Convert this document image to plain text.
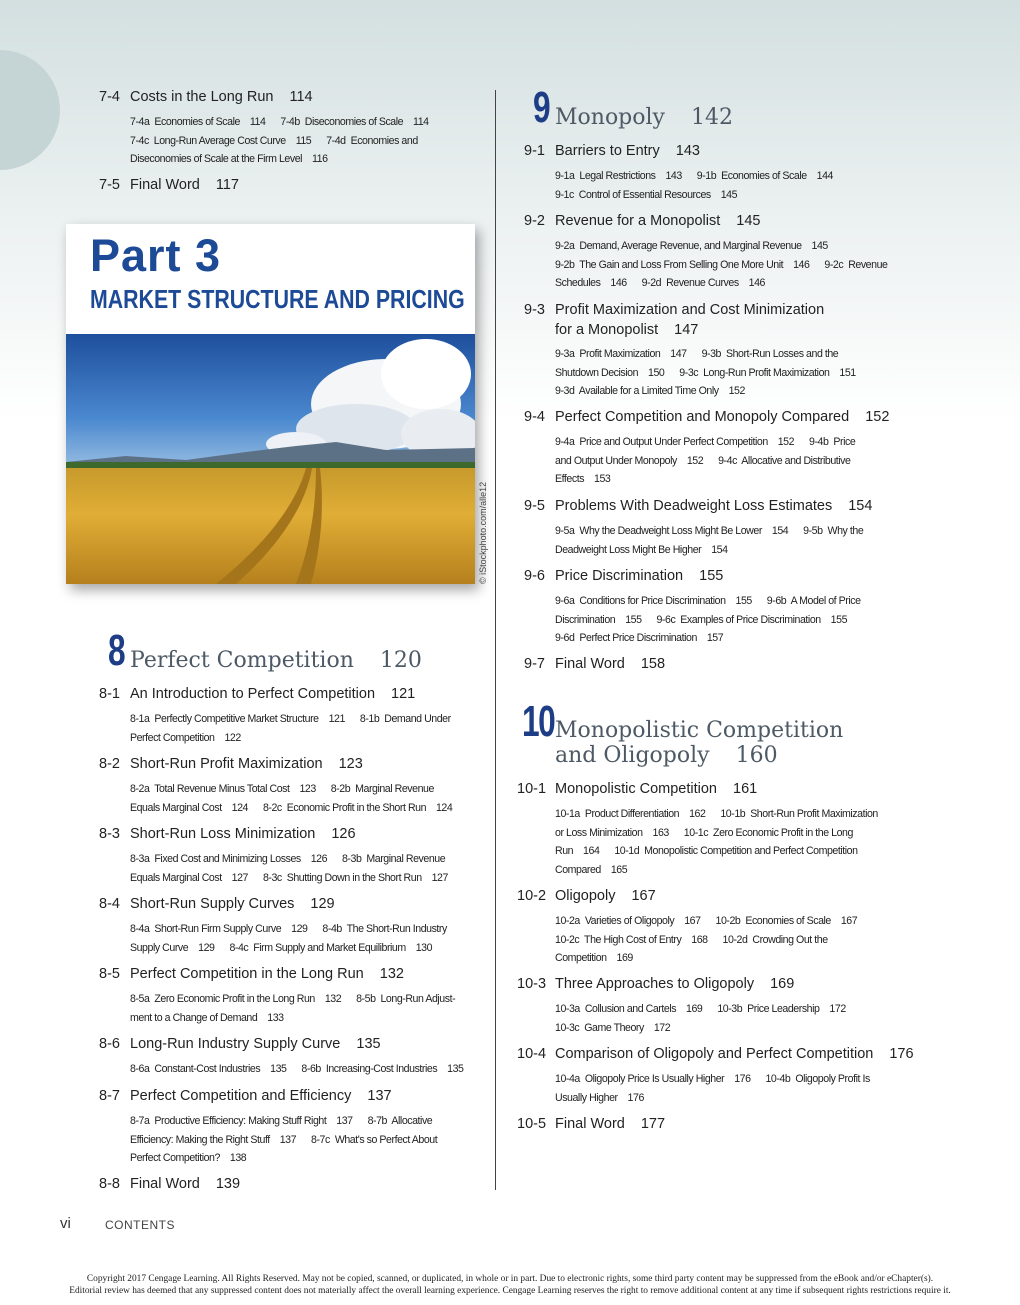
7-4 Costs in the Long Run 114
7-4a  Economies of Scale    114      7-4b  Diseconomies of Scale    114
7-4c  Long-Run Average Cost Curve    115      7-4d  Economies and
Diseconomies of Scale at the Firm Level    116
7-5 Final Word 117
Part 3
MARKET STRUCTURE AND PRICING
© iStockphoto.com/alle12
8 Perfect Competition 120
8-1 An Introduction to Perfect Competition 121
8-1a  Perfectly Competitive Market Structure    121      8-1b  Demand Under
Perfect Competition    122
8-2 Short-Run Profit Maximization 123
8-2a  Total Revenue Minus Total Cost    123      8-2b  Marginal Revenue
Equals Marginal Cost    124      8-2c  Economic Profit in the Short Run    124
8-3 Short-Run Loss Minimization 126
8-3a  Fixed Cost and Minimizing Losses    126      8-3b  Marginal Revenue
Equals Marginal Cost    127      8-3c  Shutting Down in the Short Run    127
8-4 Short-Run Supply Curves 129
8-4a  Short-Run Firm Supply Curve    129      8-4b  The Short-Run Industry
Supply Curve    129      8-4c  Firm Supply and Market Equilibrium    130
8-5 Perfect Competition in the Long Run 132
8-5a  Zero Economic Profit in the Long Run    132      8-5b  Long-Run Adjust-
ment to a Change of Demand    133
8-6 Long-Run Industry Supply Curve 135
8-6a  Constant-Cost Industries    135      8-6b  Increasing-Cost Industries    135
8-7 Perfect Competition and Efficiency 137
8-7a  Productive Efficiency: Making Stuff Right    137      8-7b  Allocative
Efficiency: Making the Right Stuff    137      8-7c  What's so Perfect About
Perfect Competition?    138
8-8 Final Word 139
9 Monopoly 142
9-1 Barriers to Entry 143
9-1a  Legal Restrictions    143      9-1b  Economies of Scale    144
9-1c  Control of Essential Resources    145
9-2 Revenue for a Monopolist 145
9-2a  Demand, Average Revenue, and Marginal Revenue    145
9-2b  The Gain and Loss From Selling One More Unit    146      9-2c  Revenue
Schedules    146      9-2d  Revenue Curves    146
9-3 Profit Maximization and Cost Minimization
for a Monopolist 147
9-3a  Profit Maximization    147      9-3b  Short-Run Losses and the
Shutdown Decision    150      9-3c  Long-Run Profit Maximization    151
9-3d  Available for a Limited Time Only    152
9-4 Perfect Competition and Monopoly Compared 152
9-4a  Price and Output Under Perfect Competition    152      9-4b  Price
and Output Under Monopoly    152      9-4c  Allocative and Distributive
Effects    153
9-5 Problems With Deadweight Loss Estimates 154
9-5a  Why the Deadweight Loss Might Be Lower    154      9-5b  Why the
Deadweight Loss Might Be Higher    154
9-6 Price Discrimination 155
9-6a  Conditions for Price Discrimination    155      9-6b  A Model of Price
Discrimination    155      9-6c  Examples of Price Discrimination    155
9-6d  Perfect Price Discrimination    157
9-7 Final Word 158
10 Monopolistic Competition
and Oligopoly 160
10-1 Monopolistic Competition 161
10-1a  Product Differentiation    162      10-1b  Short-Run Profit Maximization
or Loss Minimization    163      10-1c  Zero Economic Profit in the Long
Run    164      10-1d  Monopolistic Competition and Perfect Competition
Compared    165
10-2 Oligopoly 167
10-2a  Varieties of Oligopoly    167      10-2b  Economies of Scale    167
10-2c  The High Cost of Entry    168      10-2d  Crowding Out the
Competition    169
10-3 Three Approaches to Oligopoly 169
10-3a  Collusion and Cartels    169      10-3b  Price Leadership    172
10-3c  Game Theory    172
10-4 Comparison of Oligopoly and Perfect Competition 176
10-4a  Oligopoly Price Is Usually Higher    176      10-4b  Oligopoly Profit Is
Usually Higher    176
10-5 Final Word 177
vi	CONTENTS
Copyright 2017 Cengage Learning. All Rights Reserved. May not be copied, scanned, or duplicated, in whole or in part. Due to electronic rights, some third party content may be suppressed from the eBook and/or eChapter(s).
Editorial review has deemed that any suppressed content does not materially affect the overall learning experience. Cengage Learning reserves the right to remove additional content at any time if subsequent rights restrictions require it.
